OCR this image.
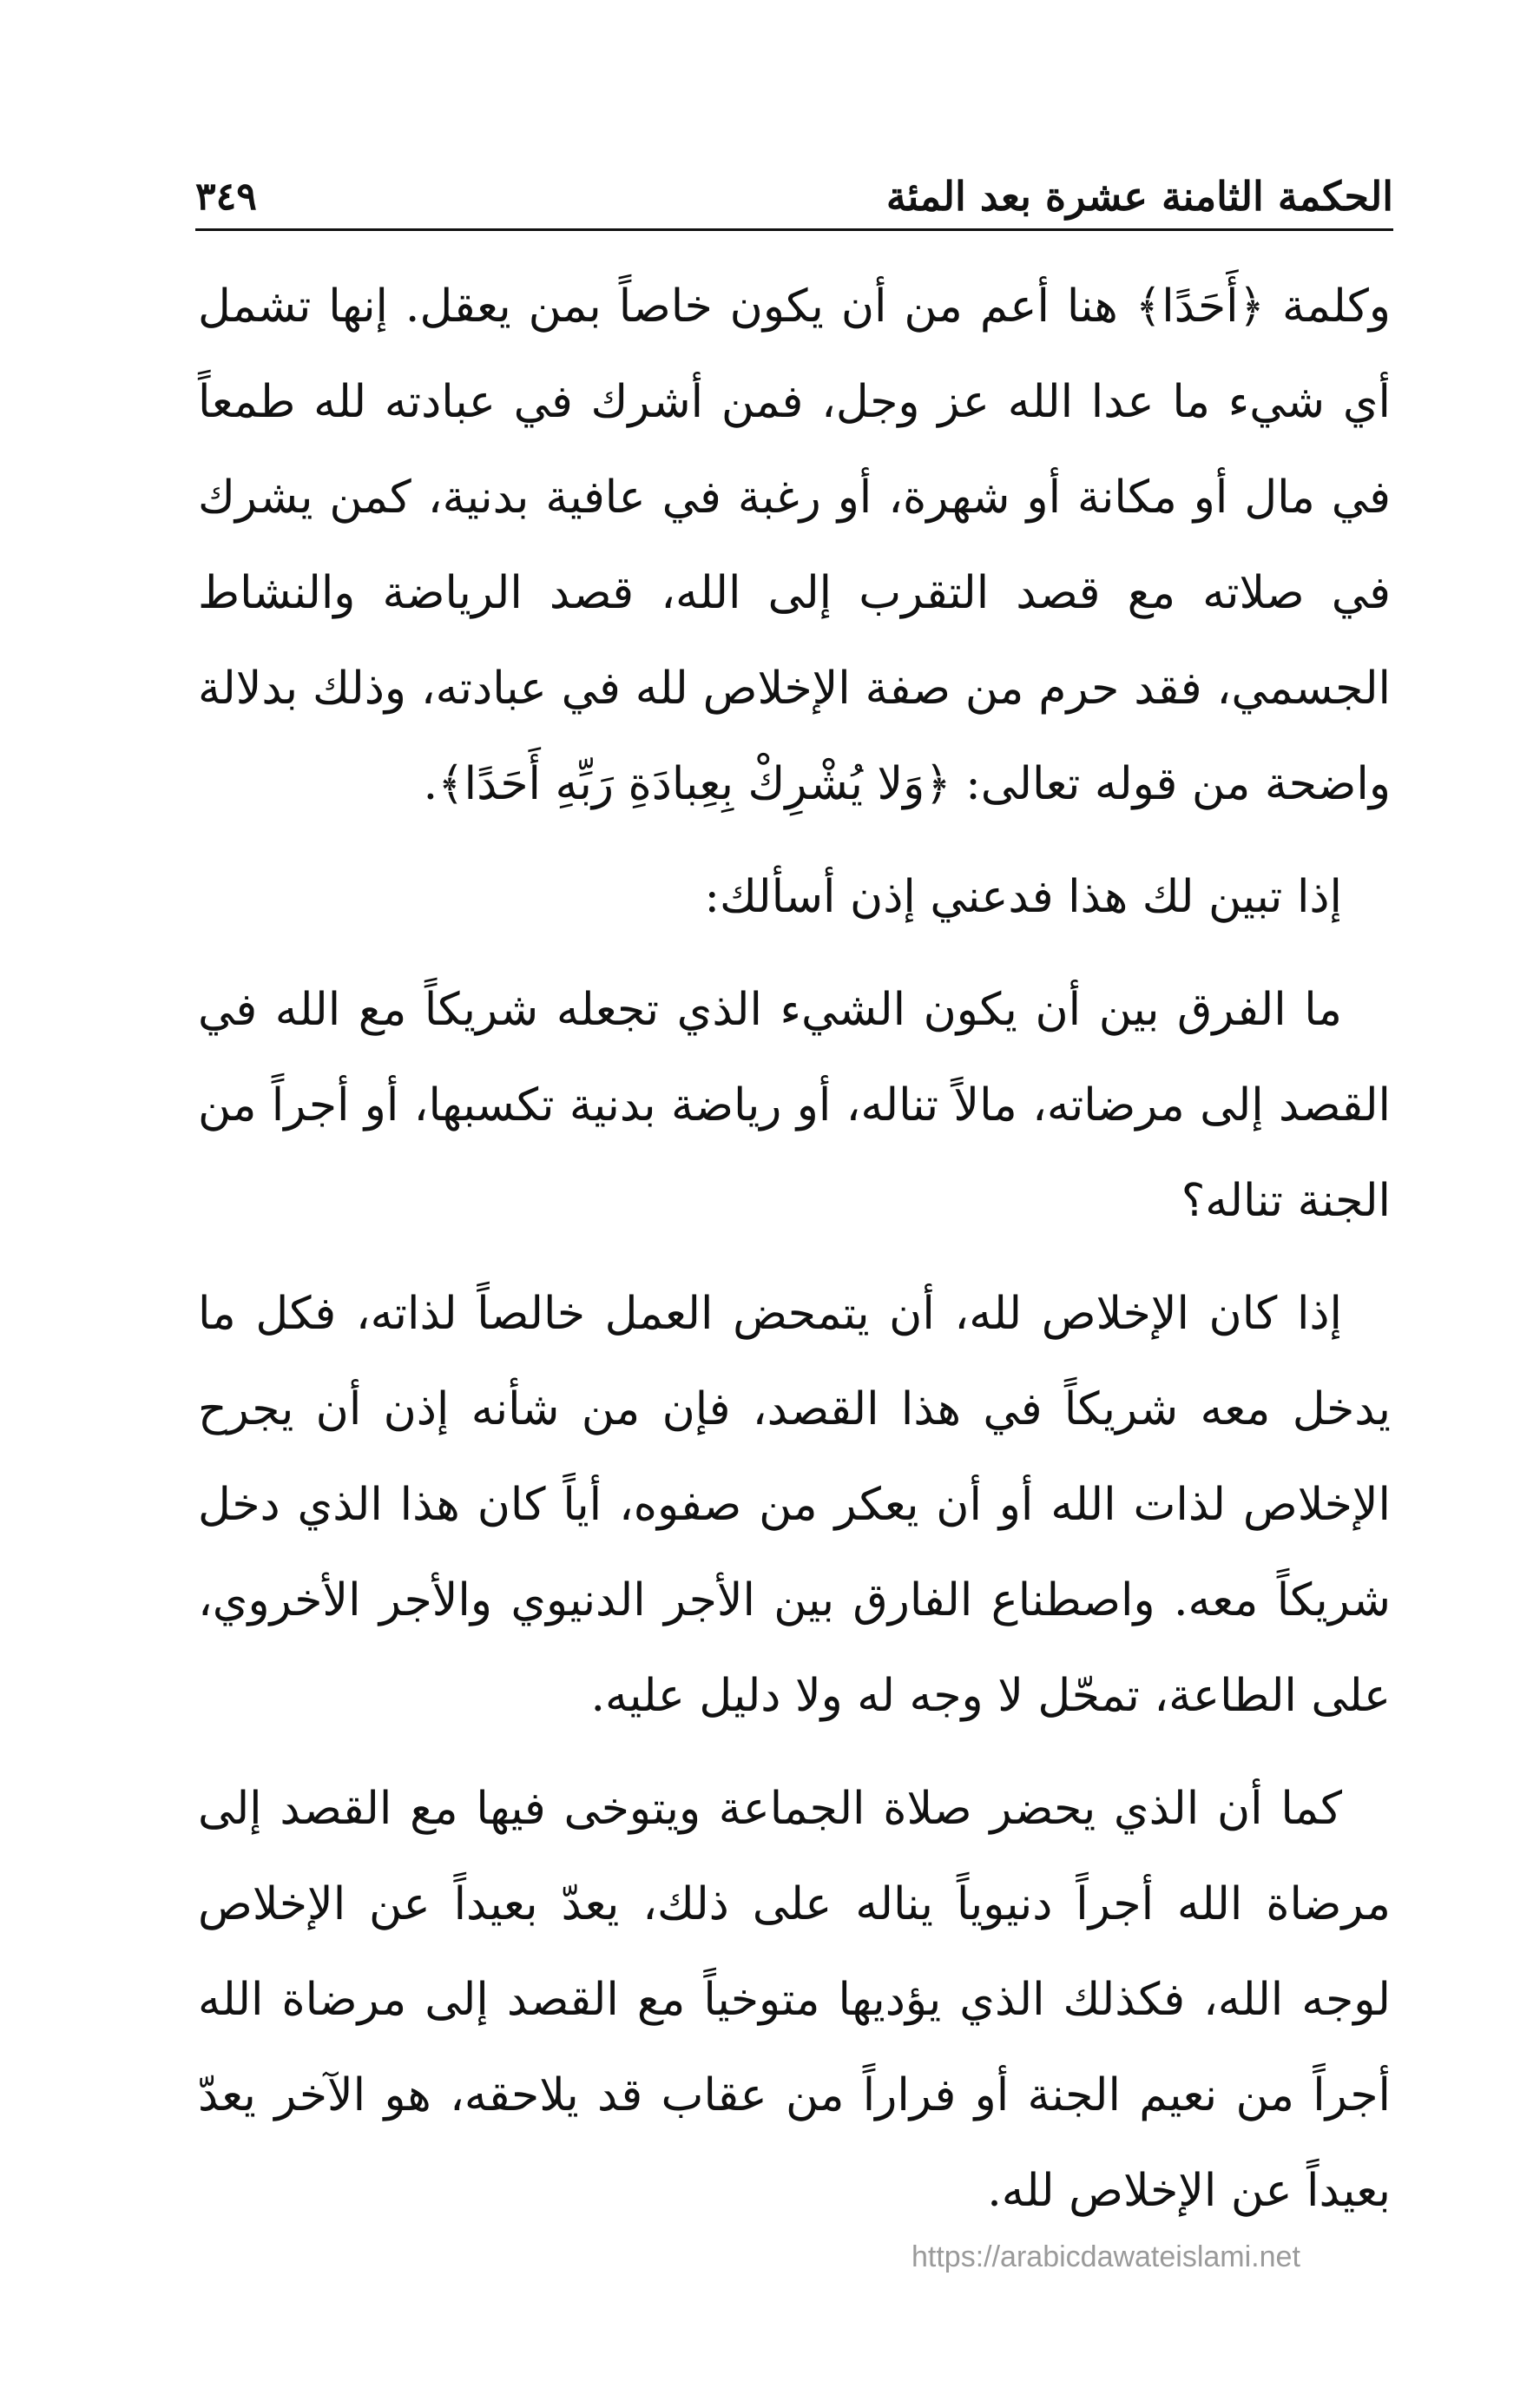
الحكمة الثامنة عشرة بعد المئة
٣٤٩

وكلمة ﴿أَحَدًا﴾ هنا أعم من أن يكون خاصاً بمن يعقل. إنها تشمل أي شيء ما عدا الله عز وجل، فمن أشرك في عبادته لله طمعاً في مال أو مكانة أو شهرة، أو رغبة في عافية بدنية، كمن يشرك في صلاته مع قصد التقرب إلى الله، قصد الرياضة والنشاط الجسمي، فقد حرم من صفة الإخلاص لله في عبادته، وذلك بدلالة واضحة من قوله تعالى: ﴿وَلا يُشْرِكْ بِعِبادَةِ رَبِّهِ أَحَدًا﴾.

إذا تبين لك هذا فدعني إذن أسألك:

ما الفرق بين أن يكون الشيء الذي تجعله شريكاً مع الله في القصد إلى مرضاته، مالاً تناله، أو رياضة بدنية تكسبها، أو أجراً من الجنة تناله؟

إذا كان الإخلاص لله، أن يتمحض العمل خالصاً لذاته، فكل ما يدخل معه شريكاً في هذا القصد، فإن من شأنه إذن أن يجرح الإخلاص لذات الله أو أن يعكر من صفوه، أياً كان هذا الذي دخل شريكاً معه. واصطناع الفارق بين الأجر الدنيوي والأجر الأخروي، على الطاعة، تمحّل لا وجه له ولا دليل عليه.

كما أن الذي يحضر صلاة الجماعة ويتوخى فيها مع القصد إلى مرضاة الله أجراً دنيوياً يناله على ذلك، يعدّ بعيداً عن الإخلاص لوجه الله، فكذلك الذي يؤديها متوخياً مع القصد إلى مرضاة الله أجراً من نعيم الجنة أو فراراً من عقاب قد يلاحقه، هو الآخر يعدّ بعيداً عن الإخلاص لله.

https://arabicdawateislami.net
